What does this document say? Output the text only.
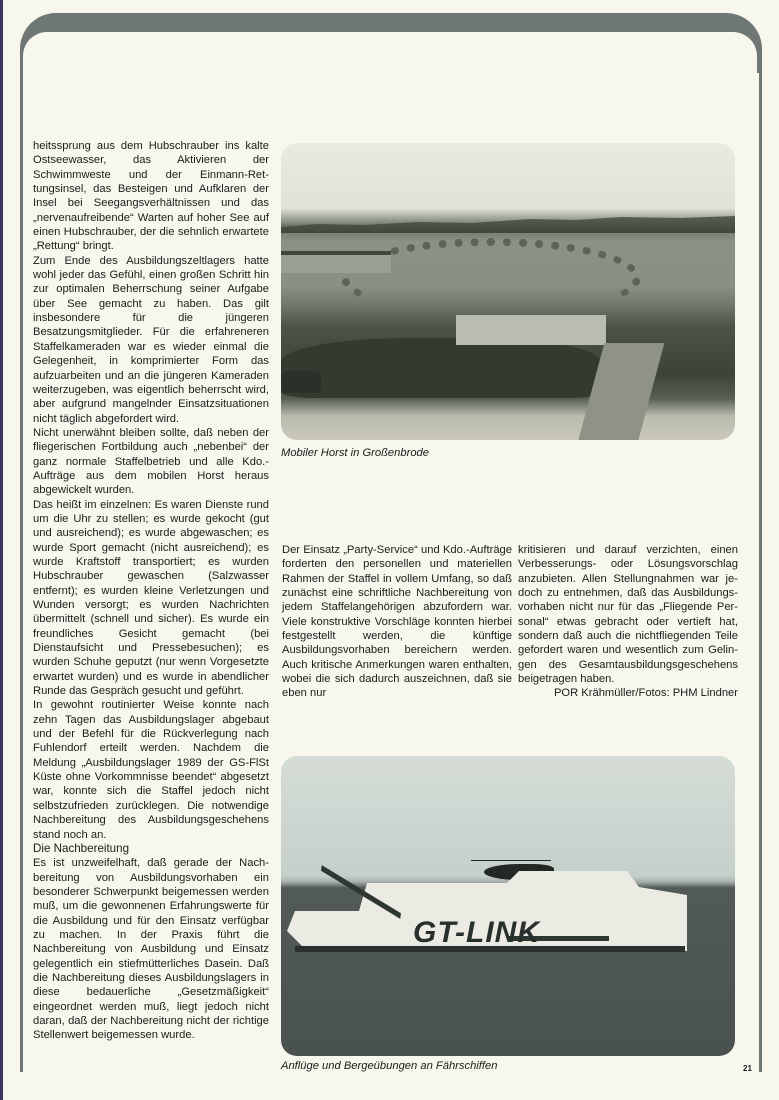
heitssprung aus dem Hubschrauber ins kalte Ostseewasser, das Aktivieren der Schwimmweste und der Einmann-Rettungsinsel, das Besteigen und Aufklaren der Insel bei Seegangsverhältnissen und das „nervenaufreibende“ Warten auf hoher See auf einen Hubschrauber, der die sehnlich erwartete „Rettung“ bringt.

Zum Ende des Ausbildungszeltlagers hatte wohl jeder das Gefühl, einen großen Schritt hin zur optimalen Beherrschung seiner Aufgabe über See gemacht zu haben. Das gilt insbesondere für die jüngeren Besatzungsmitglieder. Für die erfahreneren Staffelkameraden war es wieder einmal die Gelegenheit, in komprimierter Form das aufzuarbeiten und an die jüngeren Kameraden weiterzugeben, was eigentlich beherrscht wird, aber aufgrund mangelnder Einsatzsituationen nicht täglich abgefordert wird.

Nicht unerwähnt bleiben sollte, daß neben der fliegerischen Fortbildung auch „nebenbei“ der ganz normale Staffelbetrieb und alle Kdo.-Aufträge aus dem mobilen Horst heraus abgewickelt wurden.

Das heißt im einzelnen: Es waren Dienste rund um die Uhr zu stellen; es wurde gekocht (gut und ausreichend); es wurde abgewaschen; es wurde Sport gemacht (nicht ausreichend); es wurde Kraftstoff transportiert; es wurden Hubschrauber gewaschen (Salzwasser entfernt); es wurden kleine Verletzungen und Wunden versorgt; es wurden Nachrichten übermittelt (schnell und sicher). Es wurde ein freundliches Gesicht gemacht (bei Dienstaufsicht und Pressebesuchen); es wurden Schuhe geputzt (nur wenn Vorgesetzte erwartet wurden) und es wurde in abendlicher Runde das Gespräch gesucht und geführt.

In gewohnt routinierter Weise konnte nach zehn Tagen das Ausbildungslager abgebaut und der Befehl für die Rückverlegung nach Fuhlendorf erteilt werden. Nachdem die Meldung „Ausbildungslager 1989 der GS-FlSt Küste ohne Vorkommnisse beendet“ abgesetzt war, konnte sich die Staffel jedoch nicht selbstzufrieden zurücklegen. Die notwendige Nachbereitung des Ausbildungsgeschehens stand noch an.

Die Nachbereitung

Es ist unzweifelhaft, daß gerade der Nachbereitung von Ausbildungsvorhaben ein besonderer Schwerpunkt beigemessen werden muß, um die gewonnenen Erfahrungswerte für die Ausbildung und für den Einsatz verfügbar zu machen. In der Praxis führt die Nachbereitung von Ausbildung und Einsatz gelegentlich ein stiefmütterliches Dasein. Daß die Nachbereitung dieses Ausbildungslagers in diese bedauerliche „Gesetzmäßigkeit“ eingeordnet werden muß, liegt jedoch nicht daran, daß der Nachbereitung nicht der richtige Stellenwert beigemessen wurde.

Mobiler Horst in Großenbrode

Der Einsatz „Party-Service“ und Kdo.-Aufträge forderten den personellen und materiellen Rahmen der Staffel in vollem Umfang, so daß zunächst eine schriftliche Nachbereitung von jedem Staffelangehörigen abzufordern war. Viele konstruktive Vorschläge konnten hierbei festgestellt werden, die künftige Ausbildungsvorhaben bereichern werden. Auch kritische Anmerkungen waren enthalten, wobei die sich dadurch auszeichnen, daß sie eben nur

kritisieren und darauf verzichten, einen Verbesserungs- oder Lösungsvorschlag anzubieten. Allen Stellungnahmen war jedoch zu entnehmen, daß das Ausbildungsvorhaben nicht nur für das „Fliegende Personal“ etwas gebracht oder vertieft hat, sondern daß auch die nichtfliegenden Teile gefordert waren und wesentlich zum Gelingen des Gesamtausbildungsgeschehens beigetragen haben.

POR Krähmüller/Fotos: PHM Lindner

GT-LINK
Anflüge und Bergeübungen an Fährschiffen	21
